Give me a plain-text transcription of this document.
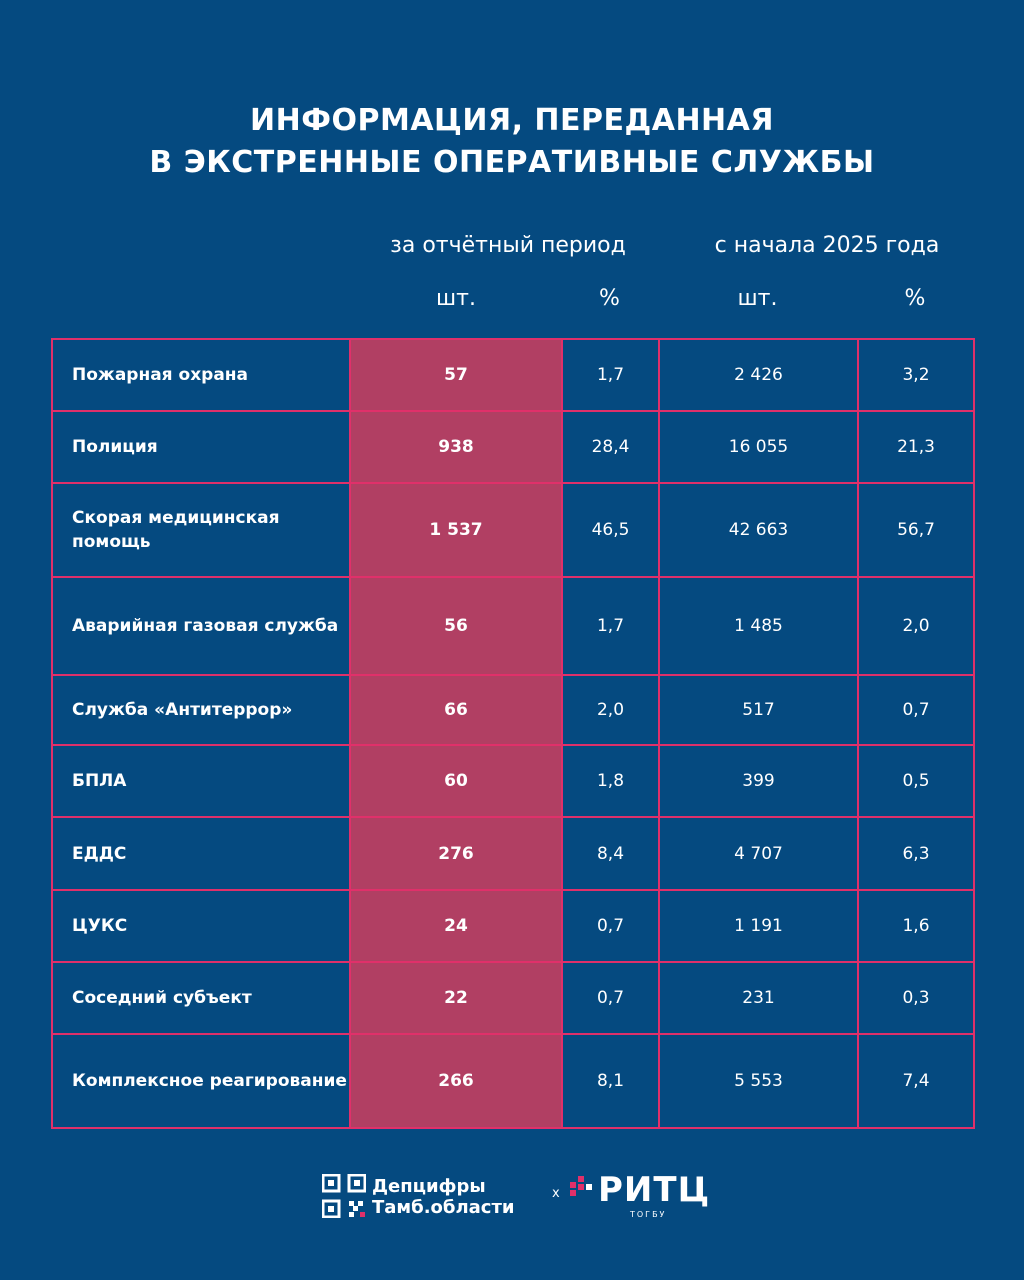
ИНФОРМАЦИЯ, ПЕРЕДАННАЯ
В ЭКСТРЕННЫЕ ОПЕРАТИВНЫЕ СЛУЖБЫ
за отчётный период	с начала 2025 года
шт.	%	шт.	%
Пожарная охрана	57	1,7	2 426	3,2
Полиция	938	28,4	16 055	21,3
Скорая медицинская помощь	1 537	46,5	42 663	56,7
Аварийная газовая служба	56	1,7	1 485	2,0
Служба «Антитеррор»	66	2,0	517	0,7
БПЛА	60	1,8	399	0,5
ЕДДС	276	8,4	4 707	6,3
ЦУКС	24	0,7	1 191	1,6
Соседний субъект	22	0,7	231	0,3
Комплексное реагирование	266	8,1	5 553	7,4
Депцифры
Тамб.области
x РИТЦ
ТОГБУ
